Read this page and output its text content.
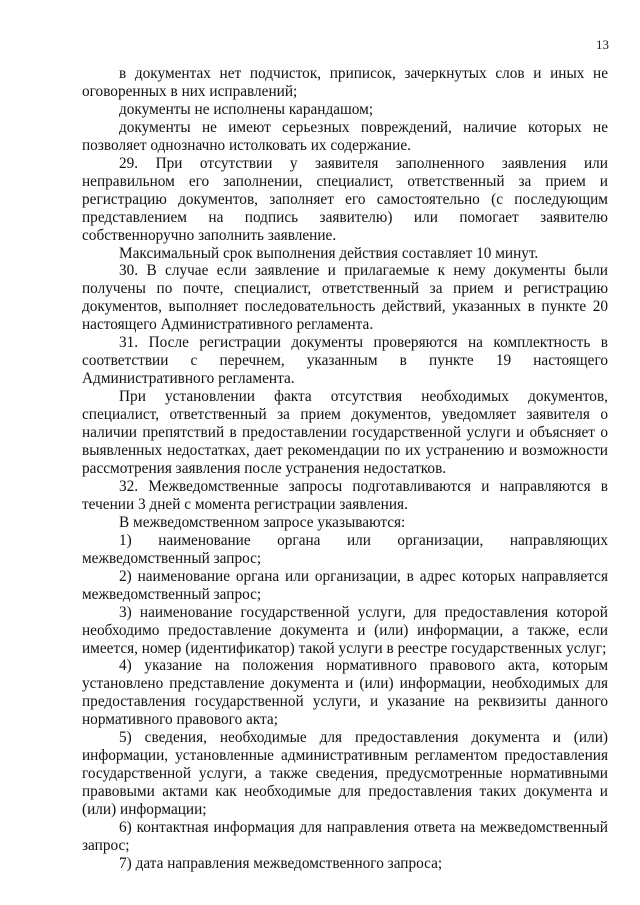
13

в документах нет подчисток, приписок, зачеркнутых слов и иных не оговоренных в них исправлений;

документы не исполнены карандашом;

документы не имеют серьезных повреждений, наличие которых не позволяет однозначно истолковать их содержание.

29. При отсутствии у заявителя заполненного заявления или неправильном его заполнении, специалист, ответственный за прием и регистрацию документов, заполняет его самостоятельно (с последующим представлением на подпись заявителю) или помогает заявителю собственноручно заполнить заявление.

Максимальный срок выполнения действия составляет 10 минут.

30. В случае если заявление и прилагаемые к нему документы были получены по почте, специалист, ответственный за прием и регистрацию документов, выполняет последовательность действий, указанных в пункте 20 настоящего Административного регламента.

31. После регистрации документы проверяются на комплектность в соответствии с перечнем, указанным в пункте 19 настоящего Административного регламента.

При установлении факта отсутствия необходимых документов, специалист, ответственный за прием документов, уведомляет заявителя о наличии препятствий в предоставлении государственной услуги и объясняет о выявленных недостатках, дает рекомендации по их устранению и возможности рассмотрения заявления после устранения недостатков.

32. Межведомственные запросы подготавливаются и направляются в течении 3 дней с момента регистрации заявления.

В межведомственном запросе указываются:

1) наименование органа или организации, направляющих межведомственный запрос;

2) наименование органа или организации, в адрес которых направляется межведомственный запрос;

3) наименование государственной услуги, для предоставления которой необходимо предоставление документа и (или) информации, а также, если имеется, номер (идентификатор) такой услуги в реестре государственных услуг;

4) указание на положения нормативного правового акта, которым установлено представление документа и (или) информации, необходимых для предоставления государственной услуги, и указание на реквизиты данного нормативного правового акта;

5) сведения, необходимые для предоставления документа и (или) информации, установленные административным регламентом предоставления государственной услуги, а также сведения, предусмотренные нормативными правовыми актами как необходимые для предоставления таких документа и (или) информации;

6) контактная информация для направления ответа на межведомственный запрос;

7) дата направления межведомственного запроса;
